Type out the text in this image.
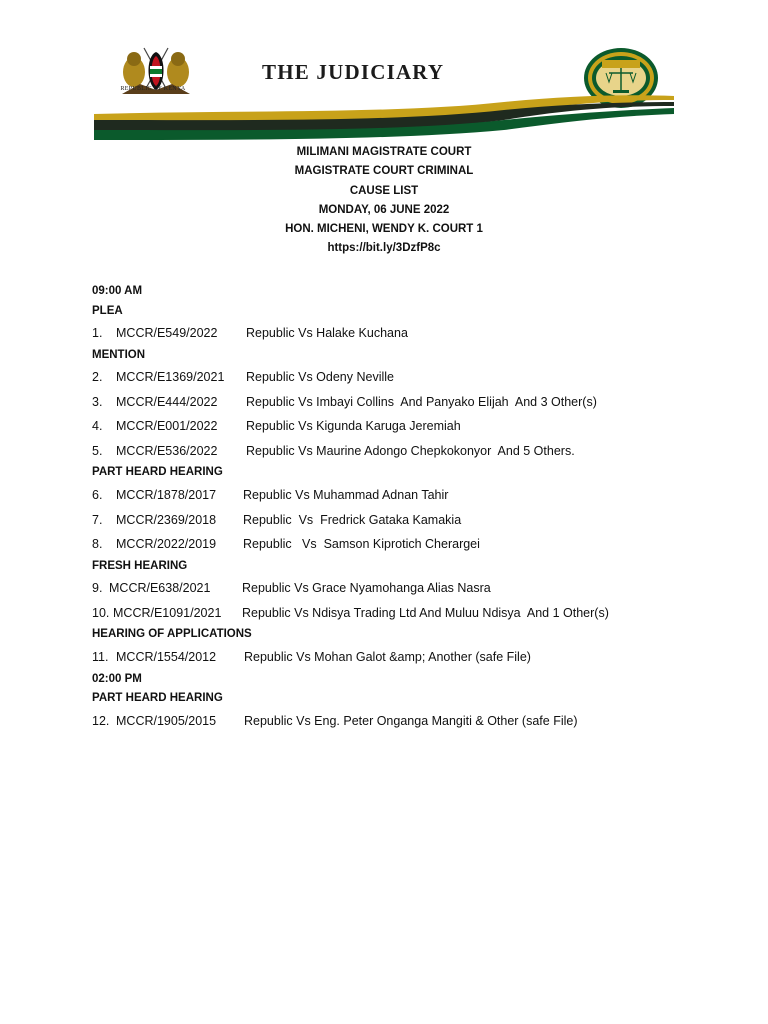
REPUBLIC OF KENYA
THE JUDICIARY
MILIMANI MAGISTRATE COURT
MAGISTRATE COURT CRIMINAL
CAUSE LIST
MONDAY, 06 JUNE 2022
HON. MICHENI, WENDY K. COURT 1
https://bit.ly/3DzfP8c
09:00 AM
PLEA
1. MCCR/E549/2022 Republic Vs Halake Kuchana
MENTION
2. MCCR/E1369/2021 Republic Vs Odeny Neville
3. MCCR/E444/2022 Republic Vs Imbayi Collins  And Panyako Elijah  And 3 Other(s)
4. MCCR/E001/2022 Republic Vs Kigunda Karuga Jeremiah
5. MCCR/E536/2022 Republic Vs Maurine Adongo Chepkokonyor  And 5 Others.
PART HEARD HEARING
6. MCCR/1878/2017 Republic Vs Muhammad Adnan Tahir
7. MCCR/2369/2018 Republic  Vs  Fredrick Gataka Kamakia
8. MCCR/2022/2019 Republic   Vs  Samson Kiprotich Cherargei
FRESH HEARING
9. MCCR/E638/2021	Republic Vs Grace Nyamohanga Alias Nasra
10. MCCR/E1091/2021 Republic Vs Ndisya Trading Ltd And Muluu Ndisya  And 1 Other(s)
HEARING OF APPLICATIONS
11. MCCR/1554/2012 Republic Vs Mohan Galot &amp; Another (safe File)
02:00 PM
PART HEARD HEARING
12. MCCR/1905/2015 Republic Vs Eng. Peter Onganga Mangiti & Other (safe File)
